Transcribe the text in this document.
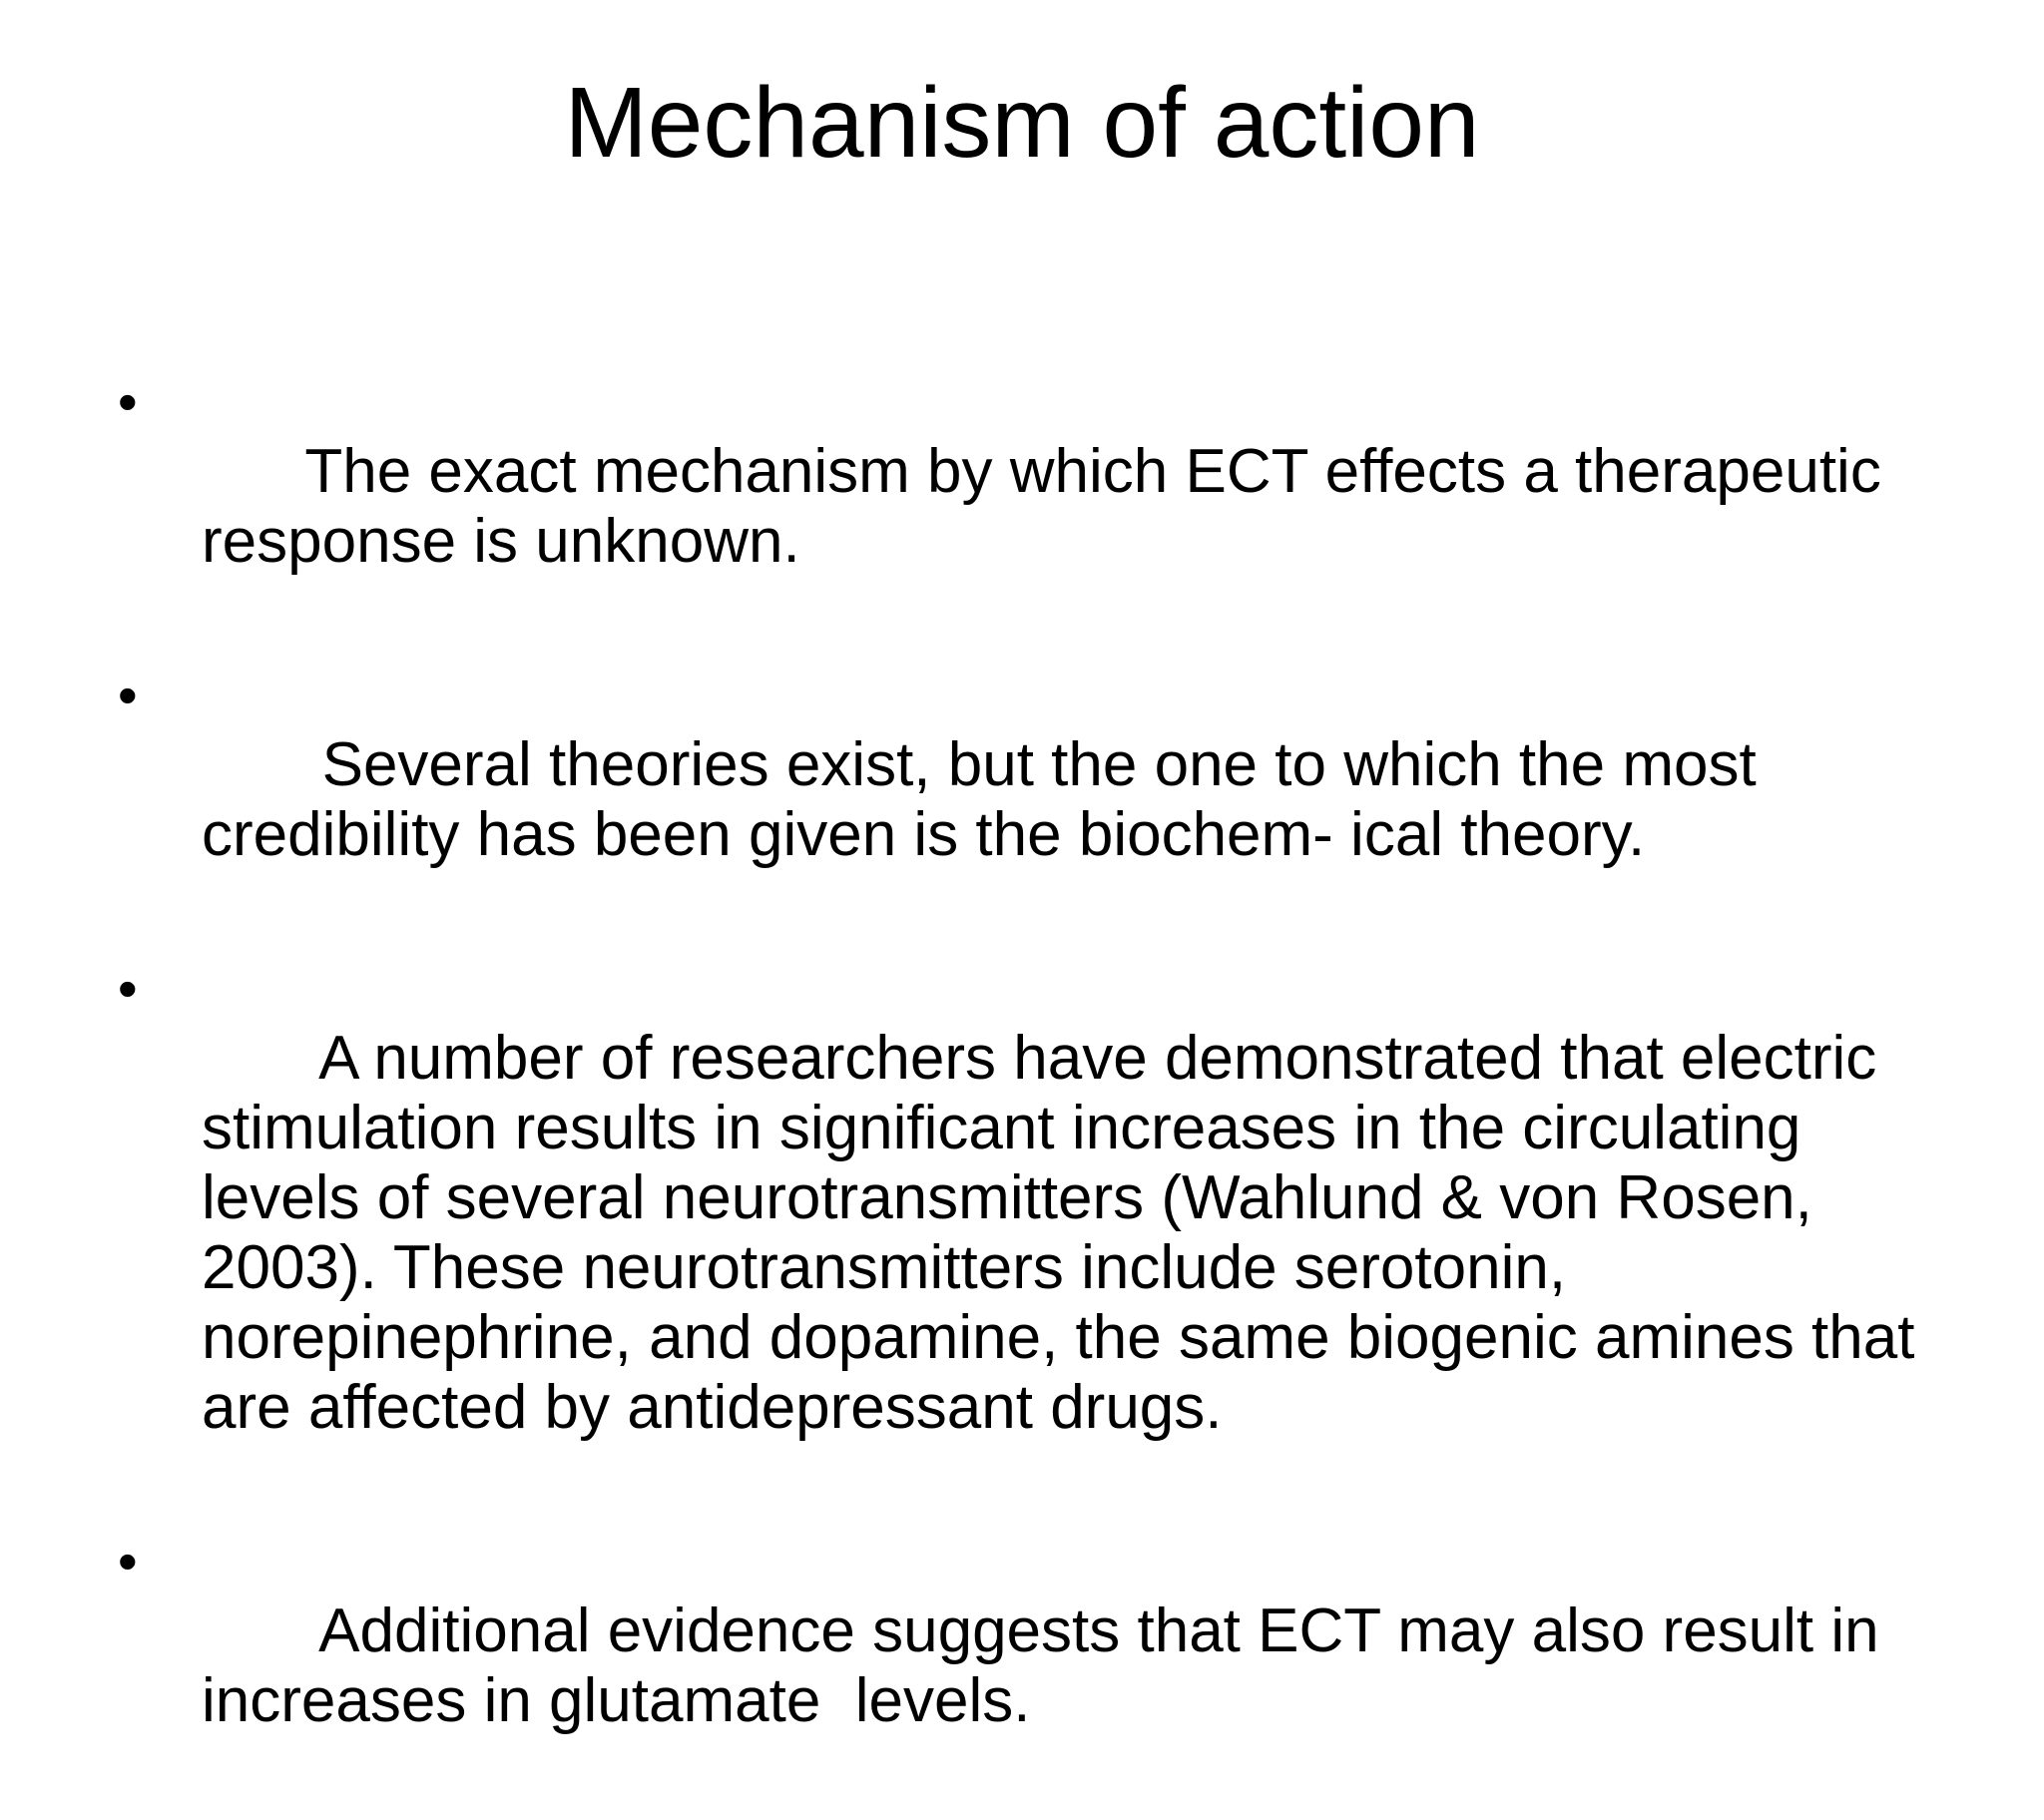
Mechanism of action

•
The exact mechanism by which ECT effects a therapeutic response is unknown.

•
Several theories exist, but the one to which the most credibility has been given is the biochem- ical theory.

•
A number of researchers have demonstrated that electric stimulation results in significant increases in the circulating levels of several neurotransmitters (Wahlund & von Rosen, 2003). These neurotransmitters include serotonin, norepinephrine, and dopamine, the same biogenic amines that are affected by antidepressant drugs.

•
Additional evidence suggests that ECT may also result in increases in glutamate  levels.
